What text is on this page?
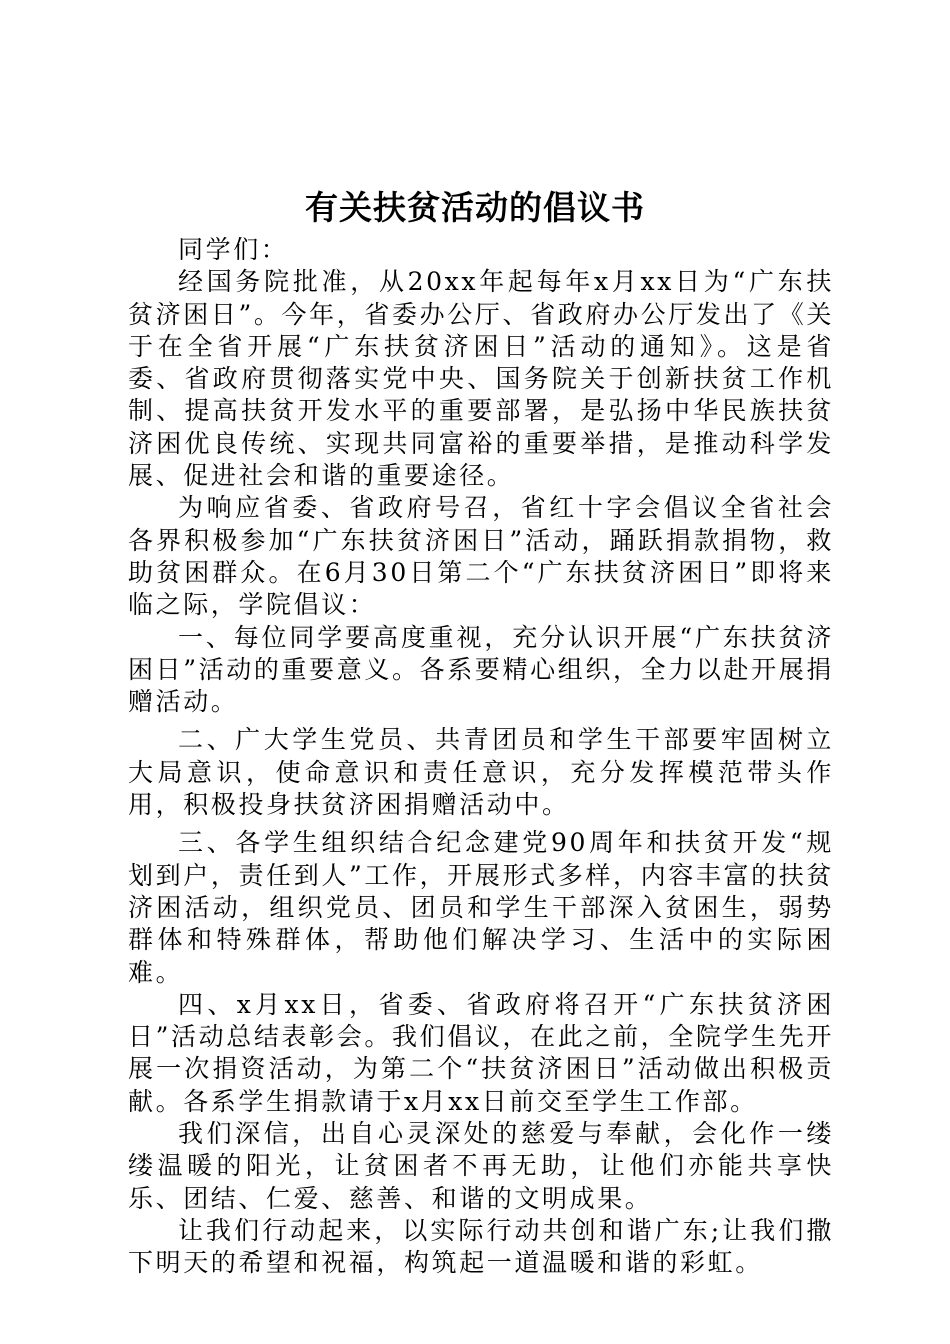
有关扶贫活动的倡议书

同学们：

经国务院批准，从20xx年起每年x月xx日为“广东扶贫济困日”。今年，省委办公厅、省政府办公厅发出了《关于在全省开展“广东扶贫济困日”活动的通知》。这是省委、省政府贯彻落实党中央、国务院关于创新扶贫工作机制、提高扶贫开发水平的重要部署，是弘扬中华民族扶贫济困优良传统、实现共同富裕的重要举措，是推动科学发展、促进社会和谐的重要途径。

为响应省委、省政府号召，省红十字会倡议全省社会各界积极参加“广东扶贫济困日”活动，踊跃捐款捐物，救助贫困群众。在6月30日第二个“广东扶贫济困日”即将来临之际，学院倡议：

一、每位同学要高度重视，充分认识开展“广东扶贫济困日”活动的重要意义。各系要精心组织，全力以赴开展捐赠活动。

二、广大学生党员、共青团员和学生干部要牢固树立大局意识，使命意识和责任意识，充分发挥模范带头作用，积极投身扶贫济困捐赠活动中。

三、各学生组织结合纪念建党90周年和扶贫开发“规划到户，责任到人”工作，开展形式多样，内容丰富的扶贫济困活动，组织党员、团员和学生干部深入贫困生，弱势群体和特殊群体，帮助他们解决学习、生活中的实际困难。

四、x月xx日，省委、省政府将召开“广东扶贫济困日”活动总结表彰会。我们倡议，在此之前，全院学生先开展一次捐资活动，为第二个“扶贫济困日”活动做出积极贡献。各系学生捐款请于x月xx日前交至学生工作部。

我们深信，出自心灵深处的慈爱与奉献，会化作一缕缕温暖的阳光，让贫困者不再无助，让他们亦能共享快乐、团结、仁爱、慈善、和谐的文明成果。

让我们行动起来，以实际行动共创和谐广东;让我们撒下明天的希望和祝福，构筑起一道温暖和谐的彩虹。
